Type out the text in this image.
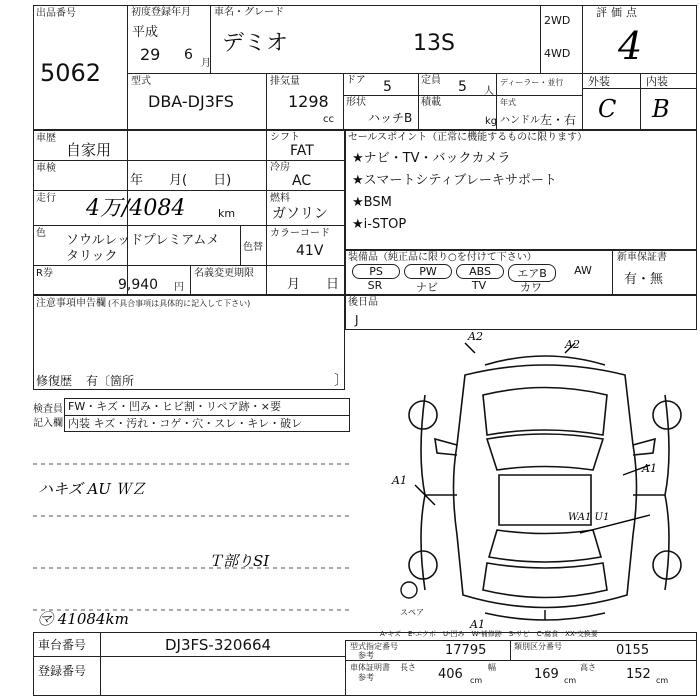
出品番号
5062
初度登録年月
平成
29 6
月
車名・グレード
デミオ	13S
2WD
4WD
評価点
4
型式
DBA-DJ3FS
排気量
1298
cc
ドア 5	定員 5 人
形状
ハッチB
積載
kg
ディーラー・並行
年式
ハンドル 左・右
外装	内装
C B
車歴
自家用
シフト
FAT
車検
年　　月(　　日)
冷房
AC
走行 4万/4084	km
燃料
ガソリン
色 ソウルレッドプレミアムメ
タリック
色替
カラーコード
41V
R券
9,940 円
名義変更期限
月　　日
セールスポイント（正常に機能するものに限ります）
★ナビ・TV・バックカメラ
★スマートシティブレーキサポート
★BSM
★i-STOP
装備品（純正品に限り○を付けて下さい）	新車保証書
有・無
PS	PW	ABS	エアB	AW
SR	ナビ	TV	カワ
注意事項申告欄 (不具合事項は具体的に記入して下さい)
修復歴 有〔箇所	〕
後日品
J
検査員
記入欄
FW・キズ・凹み・ヒビ割・リペア跡・×要
内装 キズ・汚れ・コゲ・穴・スレ・キレ・破レ
ハキズ AU ＷＺ
Ｔ部りSI
㋮ 41084km
A2
A2
A1
A1
WA1 U1
A1
スペア
A-キズ　E-エクボ　U-凹み　W-補修跡　S-サビ　C-腐食　XX-交換要
車台番号	DJ3FS-320664
登録番号
型式指定番号
参考	17795	類別区分番号	0155
車体証明書
参考
長さ 406 cm
幅	169 cm
高さ 152 cm
